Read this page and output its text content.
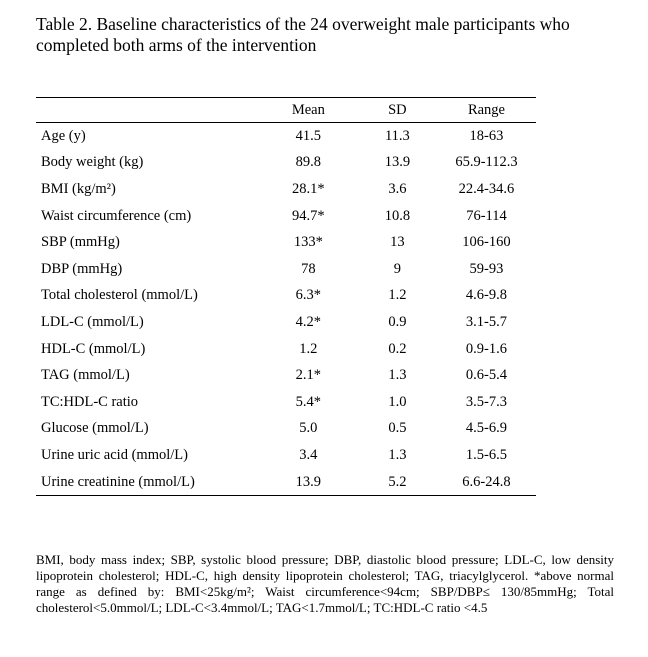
Table 2. Baseline characteristics of the 24 overweight male participants who completed both arms of the intervention

	Mean	SD	Range
Age (y)	41.5	11.3	18-63
Body weight (kg)	89.8	13.9	65.9-112.3
BMI (kg/m²)	28.1*	3.6	22.4-34.6
Waist circumference (cm)	94.7*	10.8	76-114
SBP (mmHg)	133*	13	106-160
DBP (mmHg)	78	9	59-93
Total cholesterol (mmol/L)	6.3*	1.2	4.6-9.8
LDL-C (mmol/L)	4.2*	0.9	3.1-5.7
HDL-C (mmol/L)	1.2	0.2	0.9-1.6
TAG (mmol/L)	2.1*	1.3	0.6-5.4
TC:HDL-C ratio	5.4*	1.0	3.5-7.3
Glucose (mmol/L)	5.0	0.5	4.5-6.9
Urine uric acid (mmol/L)	3.4	1.3	1.5-6.5
Urine creatinine (mmol/L)	13.9	5.2	6.6-24.8

BMI, body mass index; SBP, systolic blood pressure; DBP, diastolic blood pressure; LDL-C, low density lipoprotein cholesterol; HDL-C, high density lipoprotein cholesterol; TAG, triacylglycerol. *above normal range as defined by: BMI<25kg/m²; Waist circumference<94cm; SBP/DBP≤ 130/85mmHg; Total cholesterol<5.0mmol/L; LDL-C<3.4mmol/L; TAG<1.7mmol/L; TC:HDL-C ratio <4.5
